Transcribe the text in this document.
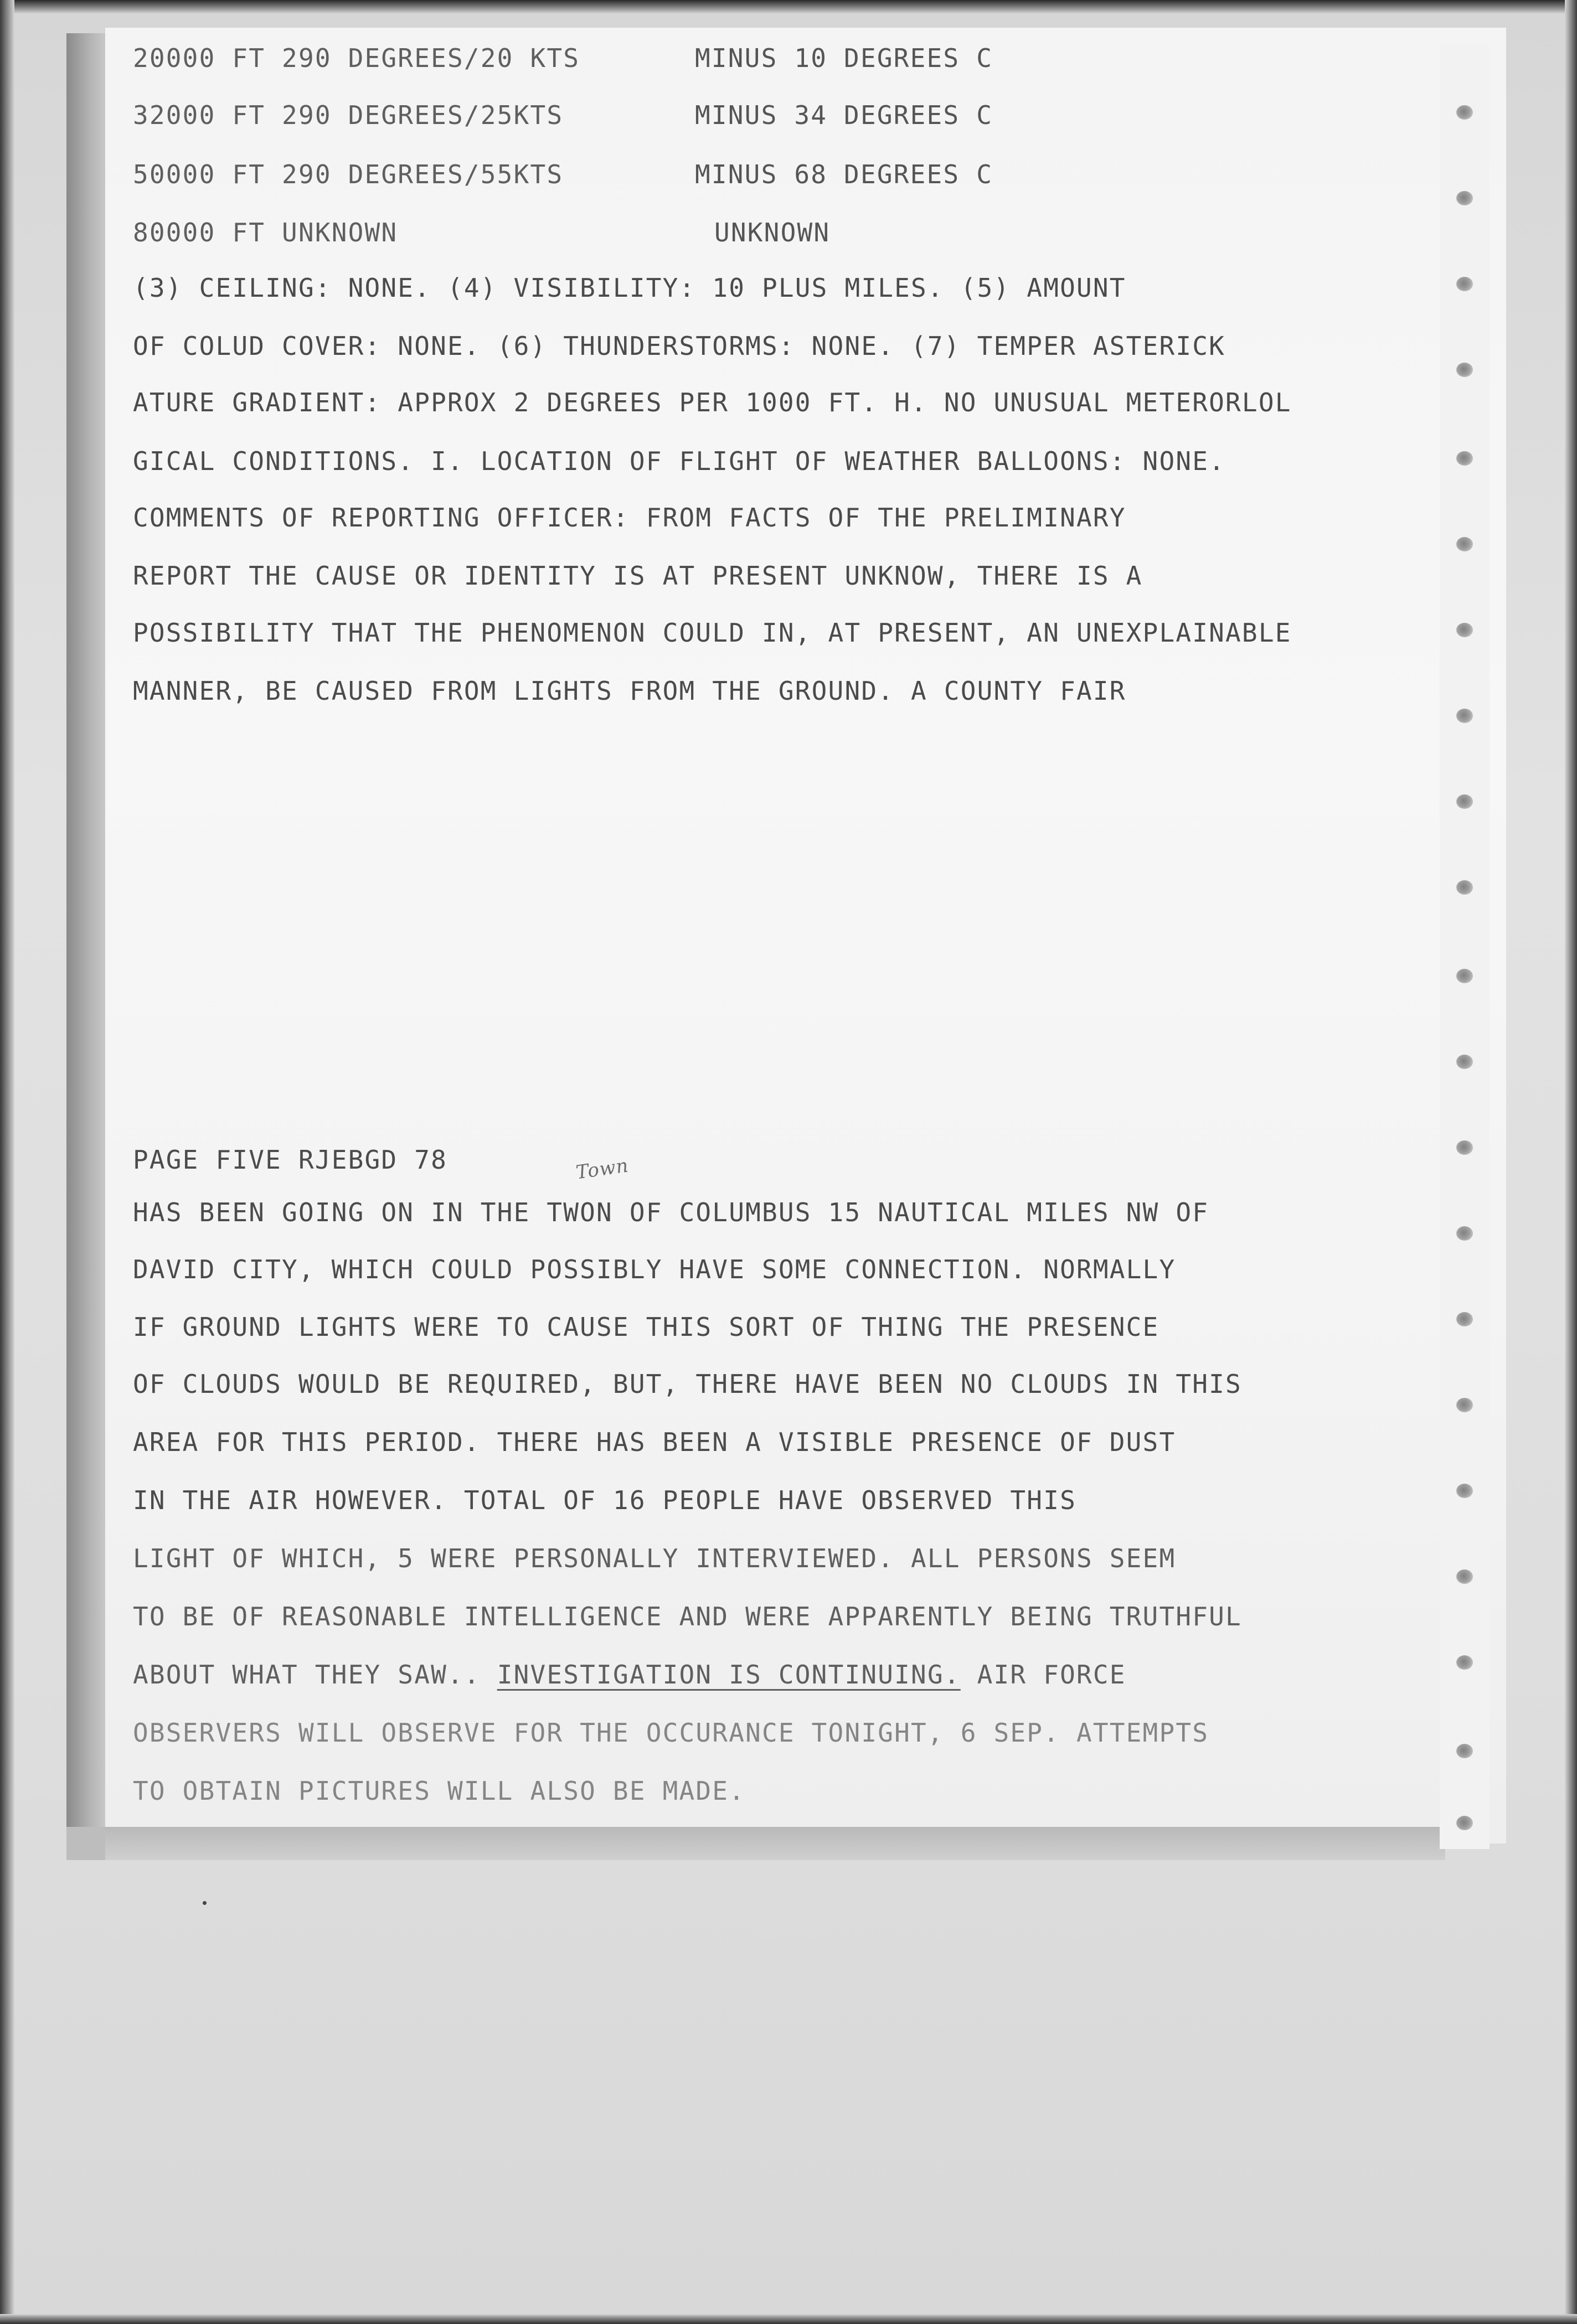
20000 FT 290 DEGREES/20 KTS	MINUS 10 DEGREES C
32000 FT 290 DEGREES/25KTS	MINUS 34 DEGREES C
50000 FT 290 DEGREES/55KTS	MINUS 68 DEGREES C
80000 FT UNKNOWN	UNKNOWN
(3) CEILING: NONE. (4) VISIBILITY: 10 PLUS MILES. (5) AMOUNT
OF COLUD COVER: NONE. (6) THUNDERSTORMS: NONE. (7) TEMPER ASTERICK
ATURE GRADIENT: APPROX 2 DEGREES PER 1000 FT. H. NO UNUSUAL METERORLOL
GICAL CONDITIONS. I. LOCATION OF FLIGHT OF WEATHER BALLOONS: NONE.
COMMENTS OF REPORTING OFFICER: FROM FACTS OF THE PRELIMINARY
REPORT THE CAUSE OR IDENTITY IS AT PRESENT UNKNOW, THERE IS A
POSSIBILITY THAT THE PHENOMENON COULD IN, AT PRESENT, AN UNEXPLAINABLE
MANNER, BE CAUSED FROM LIGHTS FROM THE GROUND. A COUNTY FAIR
PAGE FIVE RJEBGD 78	Town
HAS BEEN GOING ON IN THE TWON OF COLUMBUS 15 NAUTICAL MILES NW OF
DAVID CITY, WHICH COULD POSSIBLY HAVE SOME CONNECTION. NORMALLY
IF GROUND LIGHTS WERE TO CAUSE THIS SORT OF THING THE PRESENCE
OF CLOUDS WOULD BE REQUIRED, BUT, THERE HAVE BEEN NO CLOUDS IN THIS
AREA FOR THIS PERIOD. THERE HAS BEEN A VISIBLE PRESENCE OF DUST
IN THE AIR HOWEVER. TOTAL OF 16 PEOPLE HAVE OBSERVED THIS
LIGHT OF WHICH, 5 WERE PERSONALLY INTERVIEWED. ALL PERSONS SEEM
TO BE OF REASONABLE INTELLIGENCE AND WERE APPARENTLY BEING TRUTHFUL
ABOUT WHAT THEY SAW.. INVESTIGATION IS CONTINUING. AIR FORCE
OBSERVERS WILL OBSERVE FOR THE OCCURANCE TONIGHT, 6 SEP. ATTEMPTS
TO OBTAIN PICTURES WILL ALSO BE MADE.
